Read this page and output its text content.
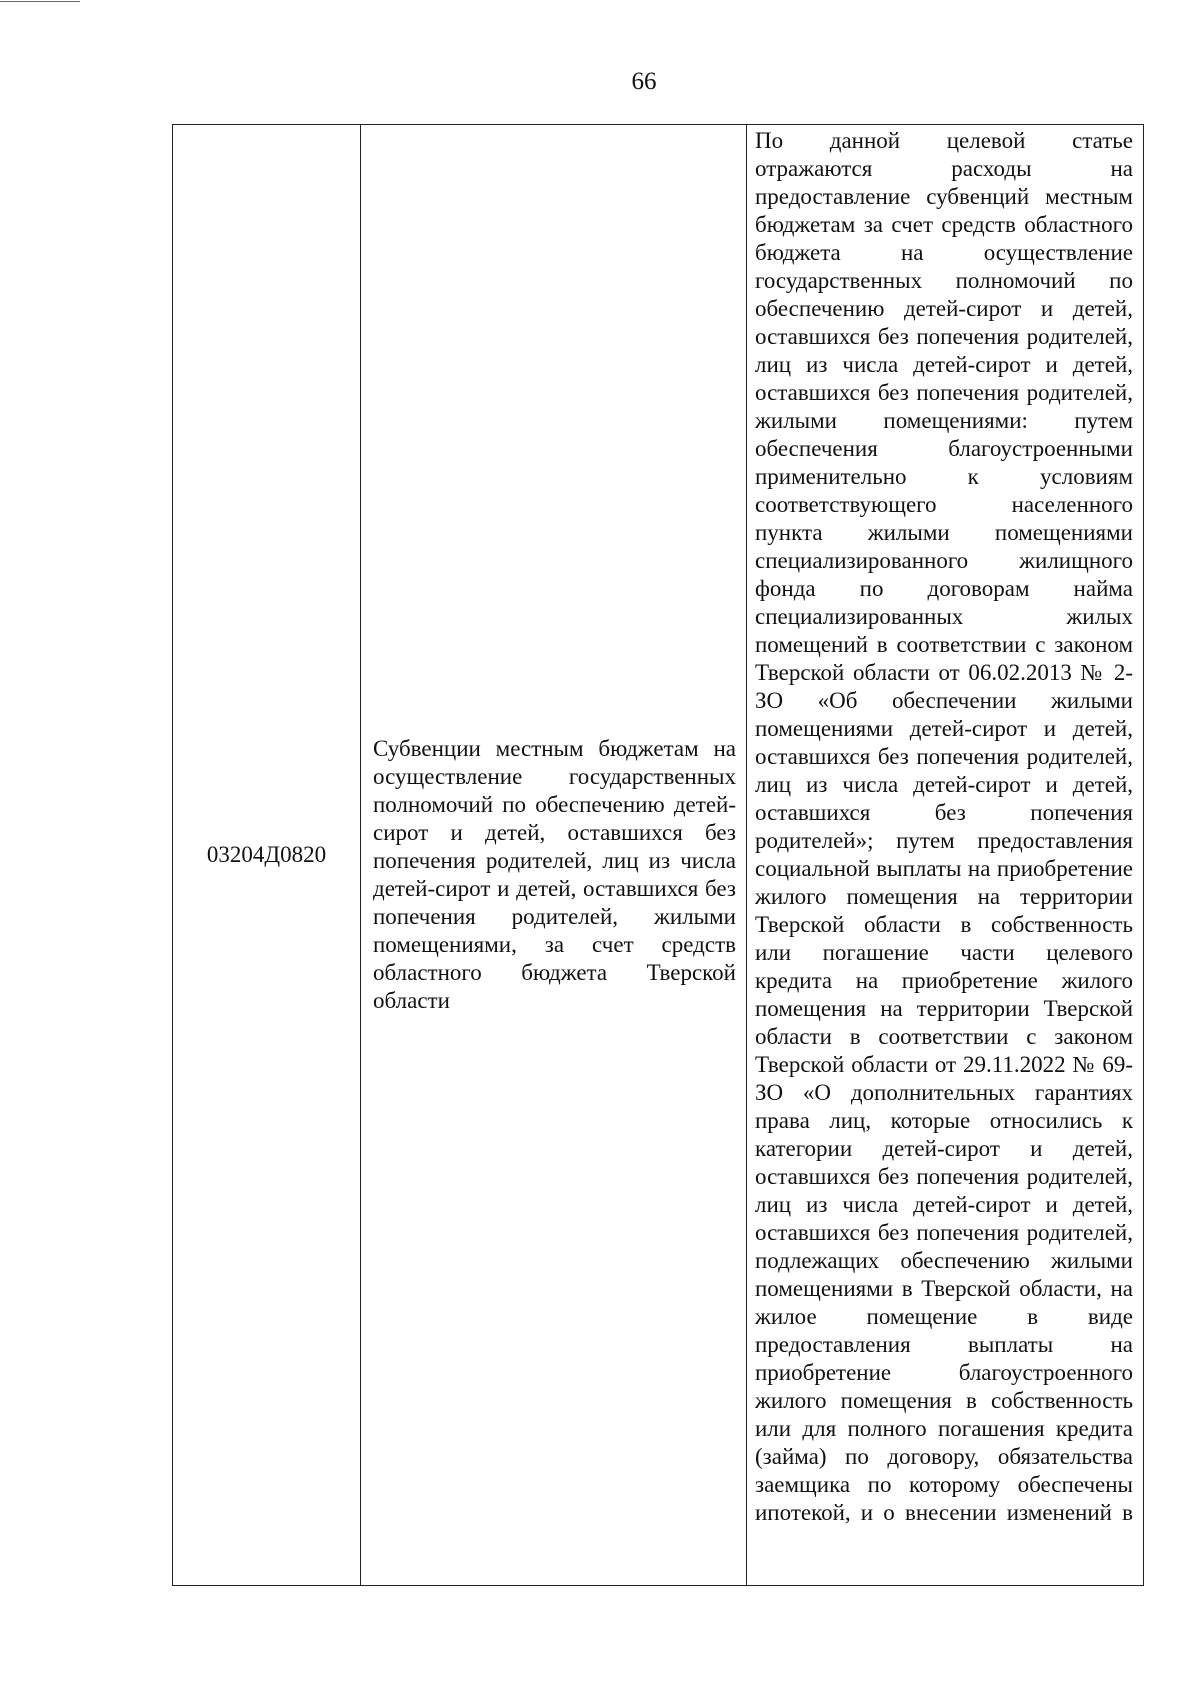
66
03204Д0820

Субвенции местным бюджетам на осуществление государственных полномочий по обеспечению детей-сирот и детей, оставшихся без попечения родителей, лиц из числа детей-сирот и детей, оставшихся без попечения родителей, жилыми помещениями, за счет средств областного бюджета Тверской области

По данной целевой статье отражаются расходы на предоставление субвенций местным бюджетам за счет средств областного бюджета на осуществление государственных полномочий по обеспечению детей-сирот и детей, оставшихся без попечения родителей, лиц из числа детей-сирот и детей, оставшихся без попечения родителей, жилыми помещениями: путем обеспечения благоустроенными применительно к условиям соответствующего населенного пункта жилыми помещениями специализированного жилищного фонда по договорам найма специализированных жилых помещений в соответствии с законом Тверской области от 06.02.2013 № 2-ЗО «Об обеспечении жилыми помещениями детей-сирот и детей, оставшихся без попечения родителей, лиц из числа детей-сирот и детей, оставшихся без попечения родителей»; путем предоставления социальной выплаты на приобретение жилого помещения на территории Тверской области в собственность или погашение части целевого кредита на приобретение жилого помещения на территории Тверской области в соответствии с законом Тверской области от 29.11.2022 № 69-ЗО «О дополнительных гарантиях права лиц, которые относились к категории детей-сирот и детей, оставшихся без попечения родителей, лиц из числа детей-сирот и детей, оставшихся без попечения родителей, подлежащих обеспечению жилыми помещениями в Тверской области, на жилое помещение в виде предоставления выплаты на приобретение благоустроенного жилого помещения в собственность или для полного погашения кредита (займа) по договору, обязательства заемщика по которому обеспечены ипотекой, и о внесении изменений в
